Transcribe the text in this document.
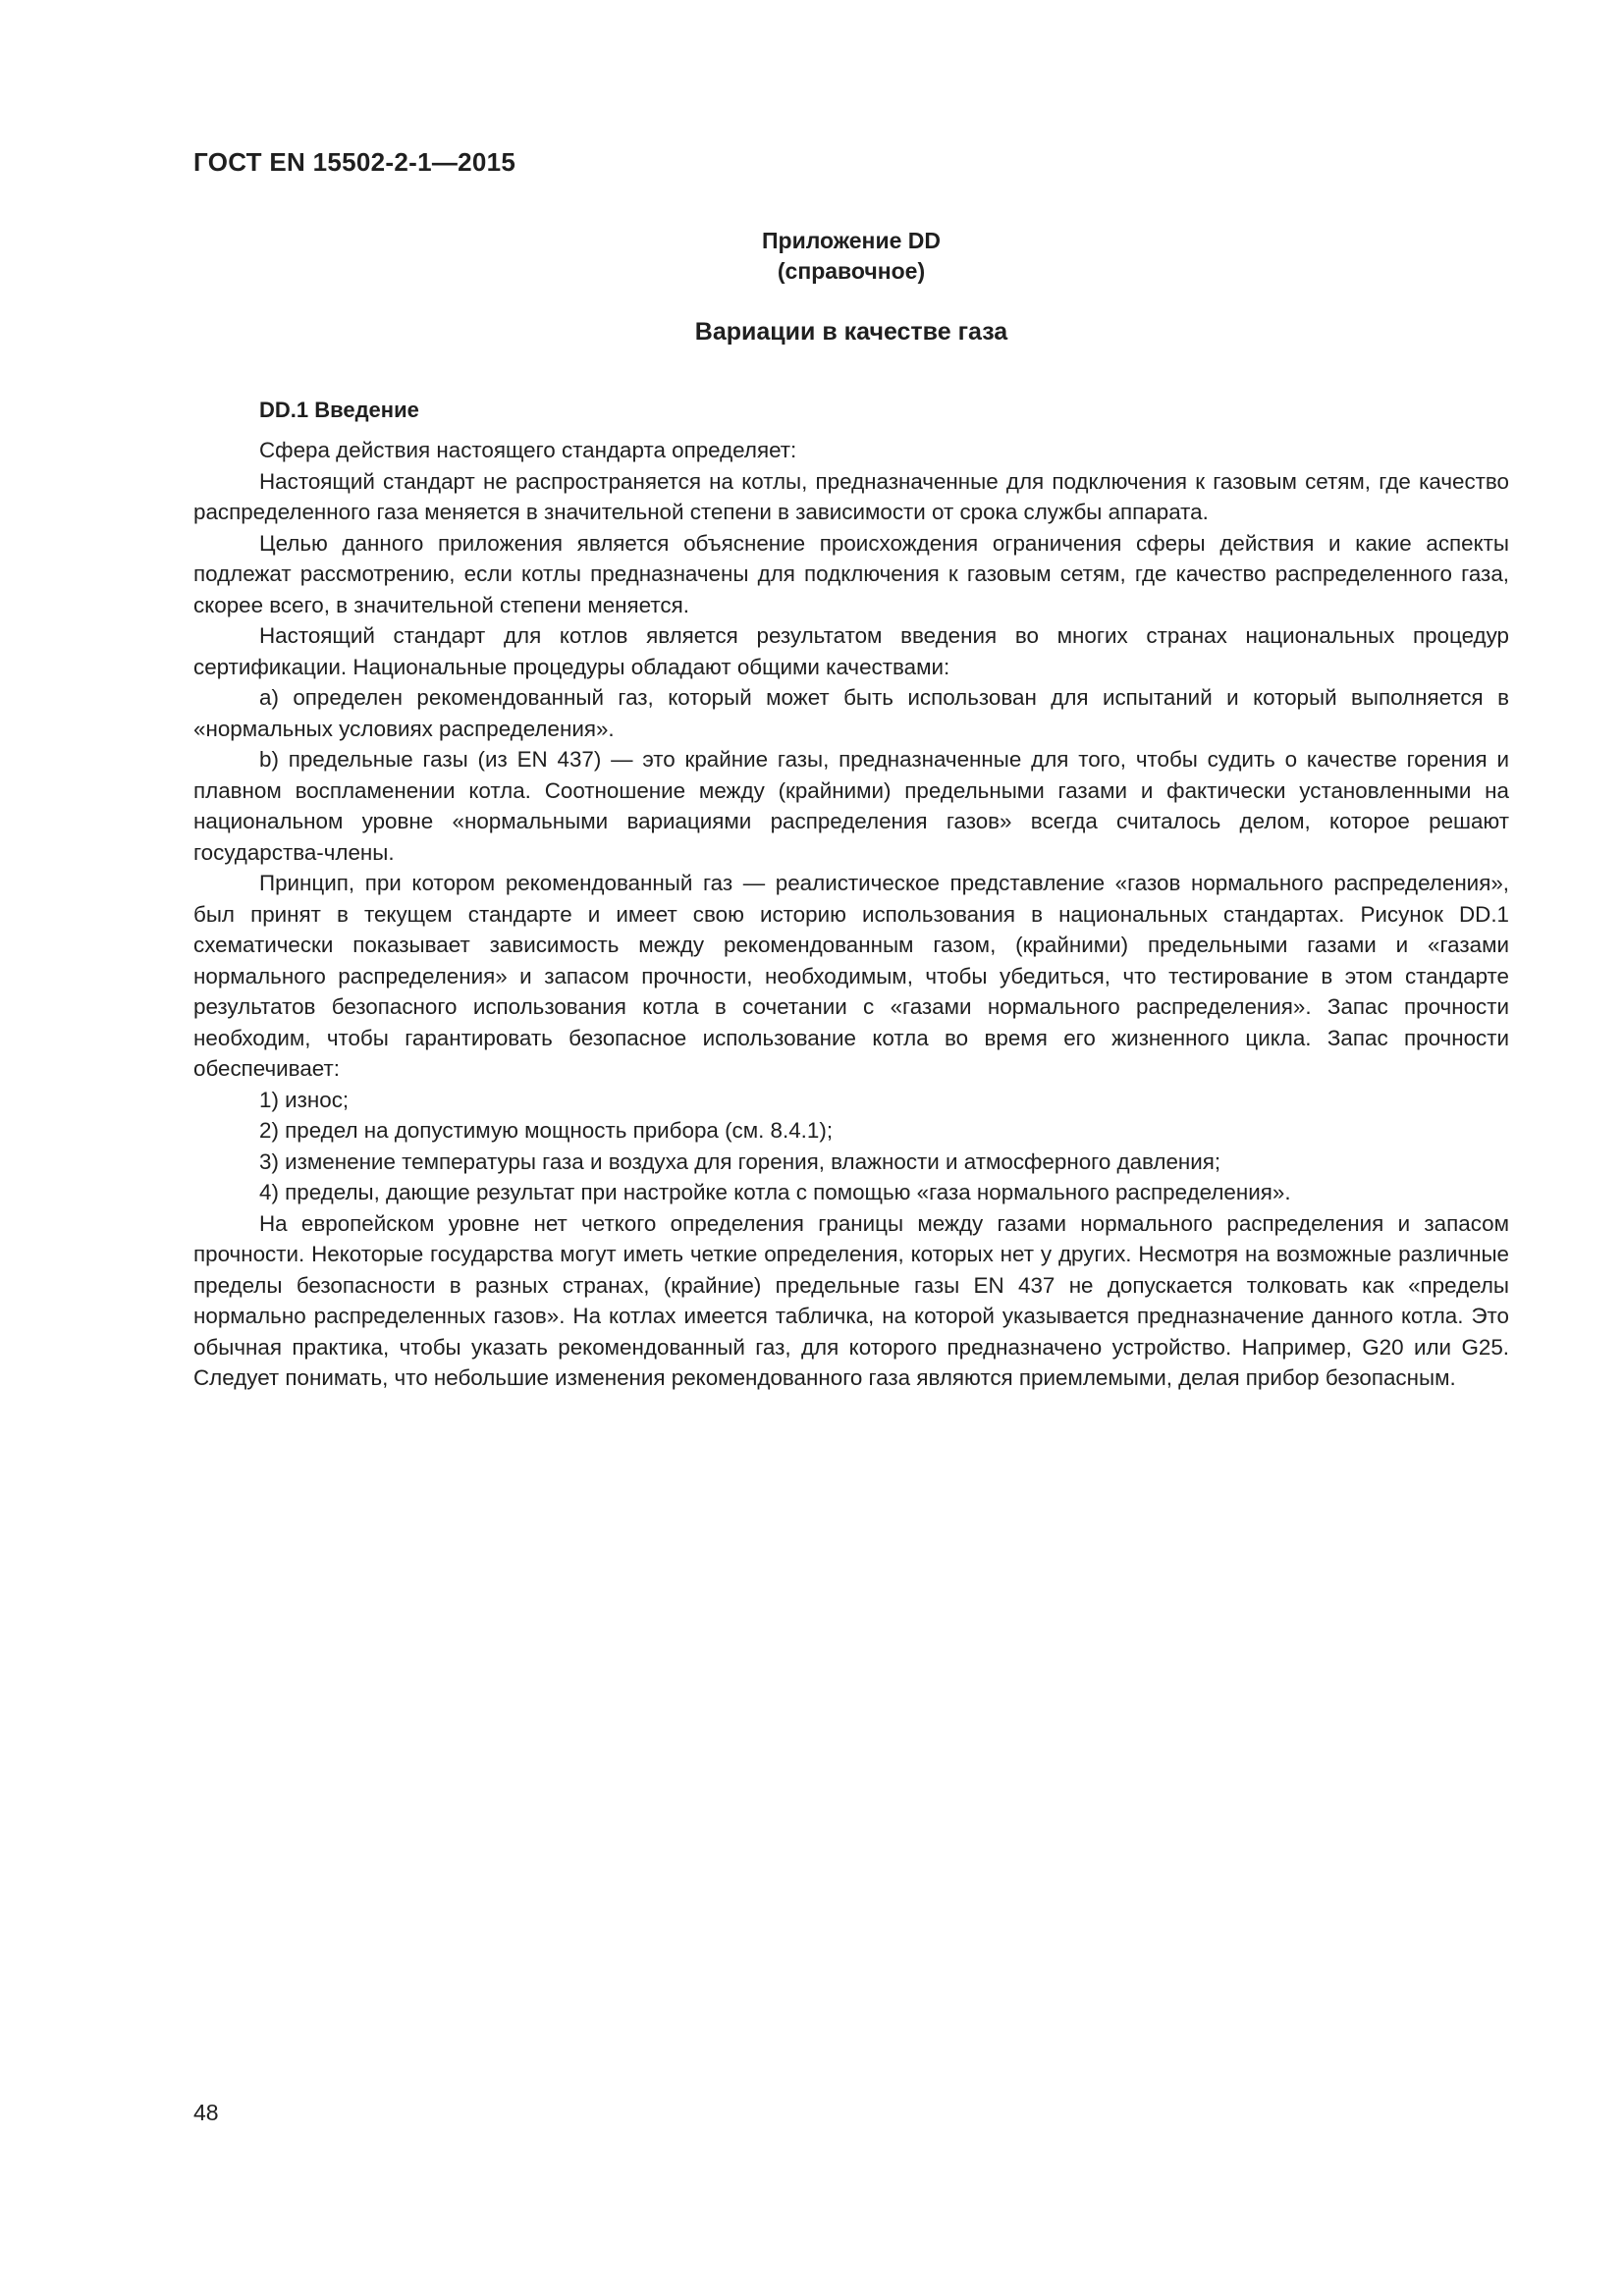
ГОСТ EN 15502-2-1—2015

Приложение DD

(справочное)

Вариации в качестве газа
DD.1 Введение

Сфера действия настоящего стандарта определяет:

Настоящий стандарт не распространяется на котлы, предназначенные для подключения к газовым сетям, где качество распределенного газа меняется в значительной степени в зависимости от срока службы аппарата.

Целью данного приложения является объяснение происхождения ограничения сферы действия и какие аспекты подлежат рассмотрению, если котлы предназначены для подключения к газовым сетям, где качество распределенного газа, скорее всего, в значительной степени меняется.

Настоящий стандарт для котлов является результатом введения во многих странах национальных процедур сертификации. Национальные процедуры обладают общими качествами:

a) определен рекомендованный газ, который может быть использован для испытаний и который выполняется в «нормальных условиях распределения».

b) предельные газы (из EN 437) — это крайние газы, предназначенные для того, чтобы судить о качестве горения и плавном воспламенении котла. Соотношение между (крайними) предельными газами и фактически установленными на национальном уровне «нормальными вариациями распределения газов» всегда считалось делом, которое решают государства-члены.

Принцип, при котором рекомендованный газ — реалистическое представление «газов нормального распределения», был принят в текущем стандарте и имеет свою историю использования в национальных стандартах. Рисунок DD.1 схематически показывает зависимость между рекомендованным газом, (крайними) предельными газами и «газами нормального распределения» и запасом прочности, необходимым, чтобы убедиться, что тестирование в этом стандарте результатов безопасного использования котла в сочетании с «газами нормального распределения». Запас прочности необходим, чтобы гарантировать безопасное использование котла во время его жизненного цикла. Запас прочности обеспечивает:

1) износ;

2) предел на допустимую мощность прибора (см. 8.4.1);

3) изменение температуры газа и воздуха для горения, влажности и атмосферного давления;

4) пределы, дающие результат при настройке котла с помощью «газа нормального распределения».

На европейском уровне нет четкого определения границы между газами нормального распределения и запасом прочности. Некоторые государства могут иметь четкие определения, которых нет у других. Несмотря на возможные различные пределы безопасности в разных странах, (крайние) предельные газы EN 437 не допускается толковать как «пределы нормально распределенных газов». На котлах имеется табличка, на которой указывается предназначение данного котла. Это обычная практика, чтобы указать рекомендованный газ, для которого предназначено устройство. Например, G20 или G25. Следует понимать, что небольшие изменения рекомендованного газа являются приемлемыми, делая прибор безопасным.

48
